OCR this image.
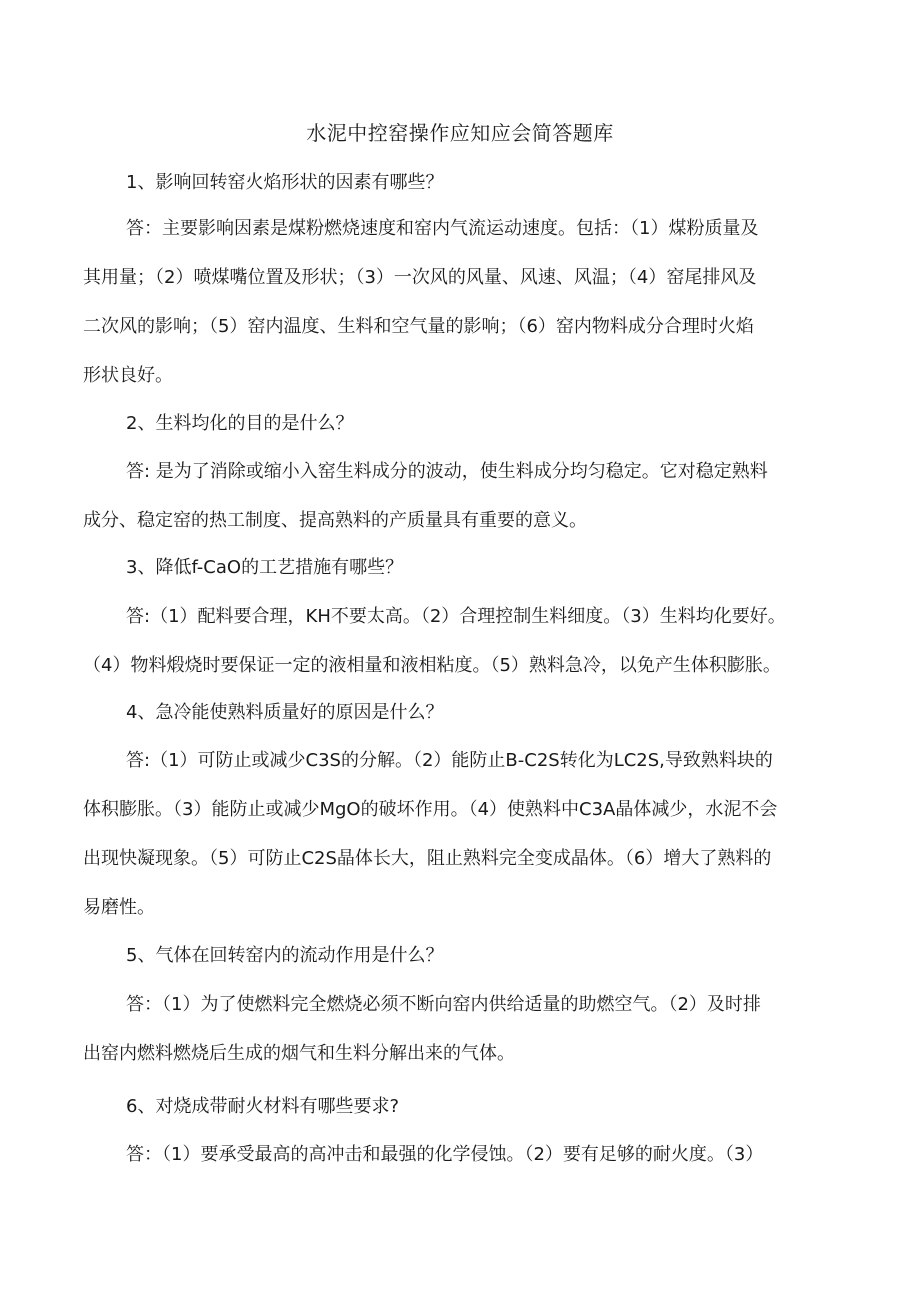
水泥中控窑操作应知应会简答题库
1、影响回转窑火焰形状的因素有哪些？
答：主要影响因素是煤粉燃烧速度和窑内气流运动速度。包括：（1）煤粉质量及
其用量；（2）喷煤嘴位置及形状；（3）一次风的风量、风速、风温；（4）窑尾排风及
二次风的影响；（5）窑内温度、生料和空气量的影响；（6）窑内物料成分合理时火焰
形状良好。
2、生料均化的目的是什么？
答: 是为了消除或缩小入窑生料成分的波动，使生料成分均匀稳定。它对稳定熟料
成分、稳定窑的热工制度、提高熟料的产质量具有重要的意义。
3、降低f-CaO的工艺措施有哪些？
答:（1）配料要合理，KH不要太高。（2）合理控制生料细度。（3）生料均化要好。
（4）物料煅烧时要保证一定的液相量和液相粘度。（5）熟料急冷，以免产生体积膨胀。
4、急冷能使熟料质量好的原因是什么？
答:（1）可防止或减少C3S的分解。（2）能防止B-C2S转化为LC2S,导致熟料块的
体积膨胀。（3）能防止或减少MgO的破坏作用。（4）使熟料中C3A晶体减少，水泥不会
出现快凝现象。（5）可防止C2S晶体长大，阻止熟料完全变成晶体。（6）增大了熟料的
易磨性。
5、气体在回转窑内的流动作用是什么？
答：（1）为了使燃料完全燃烧必须不断向窑内供给适量的助燃空气。（2）及时排
出窑内燃料燃烧后生成的烟气和生料分解出来的气体。
6、对烧成带耐火材料有哪些要求?
答：（1）要承受最高的高冲击和最强的化学侵蚀。（2）要有足够的耐火度。（3）
